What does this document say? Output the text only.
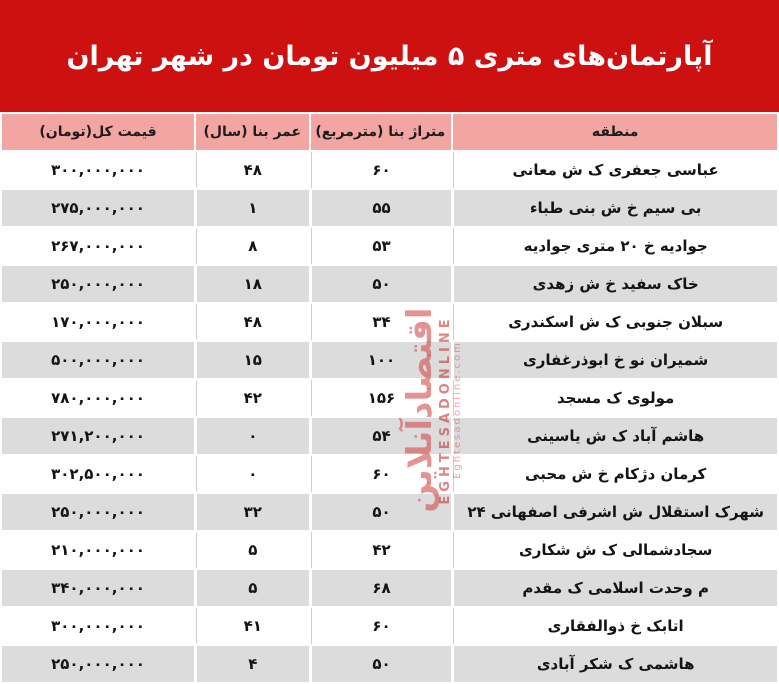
آپارتمان‌های متری ۵ میلیون تومان در شهر تهران
منطقه	متراژ بنا (مترمربع)	عمر بنا (سال)	قیمت کل(تومان)
عباسی جعفری ک ش معانی	۶۰	۴۸	۳۰۰,۰۰۰,۰۰۰
بی سیم خ ش بنی طباء	۵۵	۱	۲۷۵,۰۰۰,۰۰۰
جوادیه خ ۲۰ متری جوادیه	۵۳	۸	۲۶۷,۰۰۰,۰۰۰
خاک سفید خ ش زهدی	۵۰	۱۸	۲۵۰,۰۰۰,۰۰۰
سبلان جنوبی ک ش اسکندری	۳۴	۴۸	۱۷۰,۰۰۰,۰۰۰
شمیران نو خ ابوذرغفاری	۱۰۰	۱۵	۵۰۰,۰۰۰,۰۰۰
مولوی ک مسجد	۱۵۶	۴۲	۷۸۰,۰۰۰,۰۰۰
هاشم آباد ک ش یاسینی	۵۴	۰	۲۷۱,۲۰۰,۰۰۰
کرمان دژکام خ ش محبی	۶۰	۰	۳۰۲,۵۰۰,۰۰۰
شهرک استقلال ش اشرفی اصفهانی ۲۴	۵۰	۳۲	۲۵۰,۰۰۰,۰۰۰
سجادشمالی ک ش شکاری	۴۲	۵	۲۱۰,۰۰۰,۰۰۰
م وحدت اسلامی ک مقدم	۶۸	۵	۳۴۰,۰۰۰,۰۰۰
اتابک خ ذوالفقاری	۶۰	۴۱	۳۰۰,۰۰۰,۰۰۰
هاشمی ک شکر آبادی	۵۰	۴	۲۵۰,۰۰۰,۰۰۰
اقتصادآنلاین
EGHTESADONLINE Eghtesadonline.com
